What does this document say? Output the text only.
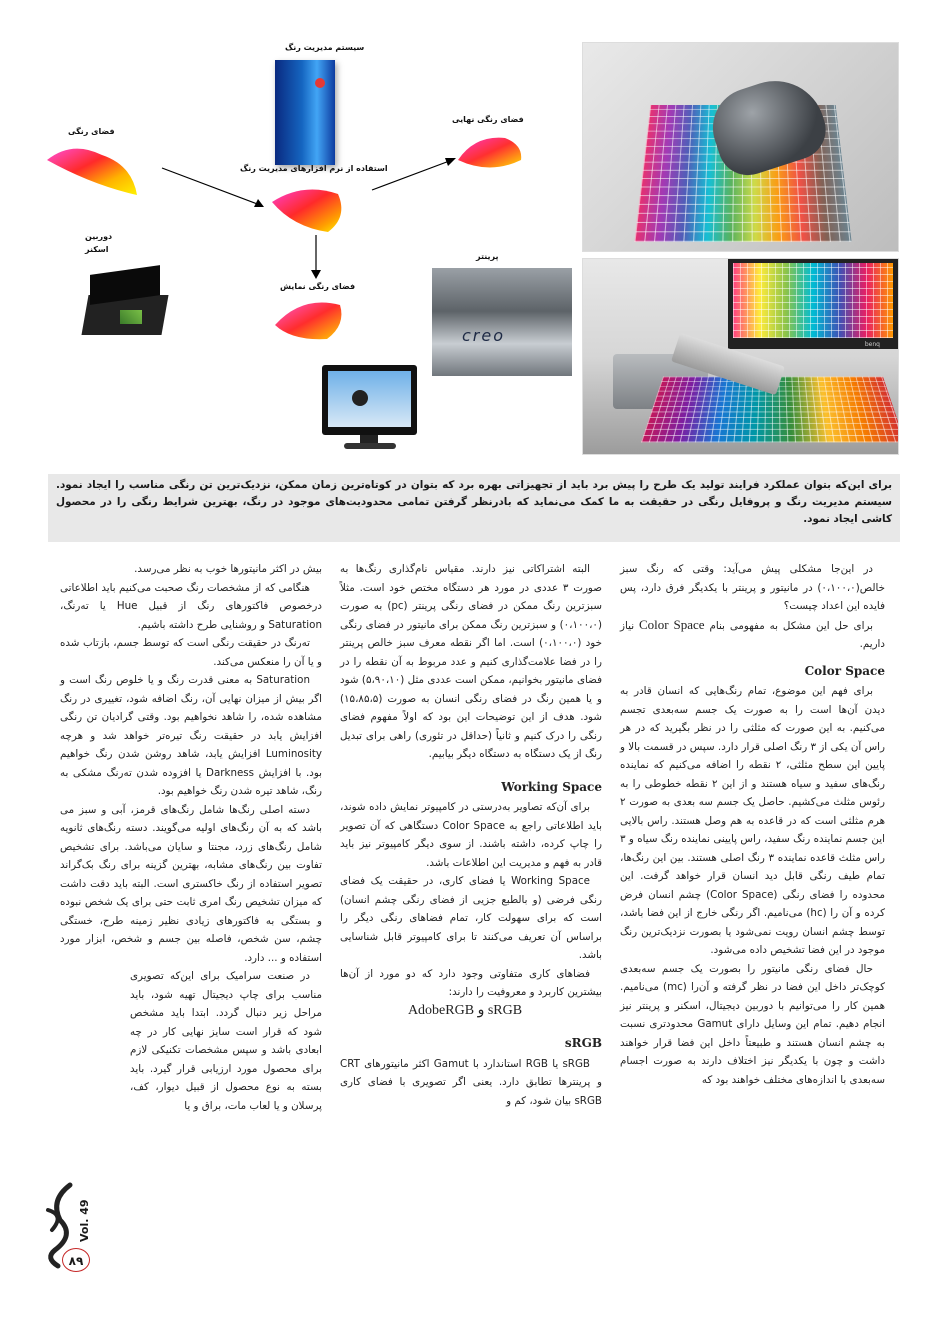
سیستم مدیریت رنگ
فضای رنگی
فضای رنگی نهایی
استفاده از نرم افزارهای مدیریت رنگ
دوربین
اسکنر
پرینتر
فضای رنگی نمایش
creo	benq
برای این‌که بتوان عملکرد فرایند تولید یک طرح را پیش برد باید از تجهیزاتی بهره برد که بتوان در کوتاه‌ترین زمان ممکن، نزدیک‌ترین تن رنگی مناسب را ایجاد نمود. سیستم مدیریت رنگ و پروفایل رنگی در حقیقت به ما کمک می‌نماید که بادرنظر گرفتن تمامی محدودیت‌های موجود در رنگ، بهترین شرایط رنگی را در محصول کاشی ایجاد نمود.

در این‌جا مشکلی پیش می‌آید: وقتی که رنگ سبز خالص(۰،۱۰۰،۰) در مانیتور و پرینتر با یکدیگر فرق دارد، پس فایده این اعداد چیست؟

برای حل این مشکل به مفهومی بنام Color Space نیاز داریم.

Color Space

برای فهم این موضوع، تمام رنگ‌هایی که انسان قادر به دیدن آن‌ها است را به صورت یک جسم سه‌بعدی تجسم می‌کنیم. به این صورت که مثلثی را در نظر بگیرید که در هر راس آن یکی از ۳ رنگ اصلی قرار دارد. سپس در قسمت بالا و پایین این سطح مثلثی، ۲ نقطه را اضافه می‌کنیم که نماینده رنگ‌های سفید و سیاه هستند و از این ۲ نقطه خطوطی را به رئوس مثلث می‌کشیم. حاصل یک جسم سه بعدی به صورت ۲ هرم مثلثی است که در قاعده به هم وصل هستند. راس بالایی این جسم نماینده رنگ سفید، راس پایینی نماینده رنگ سیاه و ۳ راس مثلث قاعده نماینده ۳ رنگ اصلی هستند. بین این رنگ‌ها، تمام طیف رنگی قابل دید انسان قرار خواهد گرفت. این محدوده را فضای رنگی (Color Space) چشم انسان فرض کرده و آن را (hc) می‌نامیم. اگر رنگی خارج از این فضا باشد، توسط چشم انسان رویت نمی‌شود یا بصورت نزدیک‌ترین رنگ موجود در این فضا تشخیص داده می‌شود.

حال فضای رنگی مانیتور را بصورت یک جسم سه‌بعدی کوچک‌تر داخل این فضا در نظر گرفته و آن‌را (mc) می‌نامیم. همین کار را می‌توانیم با دوربین دیجیتال، اسکنر و پرینتر نیز انجام دهیم. تمام این وسایل دارای Gamut محدودتری نسبت به چشم انسان هستند و طبیعتاً داخل این فضا قرار خواهند داشت و چون با یکدیگر نیز اختلاف دارند به صورت اجسام سه‌بعدی با اندازه‌های مختلف خواهند بود که

البته اشتراکاتی نیز دارند. مقیاس نام‌گذاری رنگ‌ها به صورت ۳ عددی در مورد هر دستگاه مختص خود است. مثلاً سبزترین رنگ ممکن در فضای رنگی پرینتر (pc) به صورت (۰،۱۰۰،۰) و سبزترین رنگ ممکن برای مانیتور در فضای رنگی خود (۰،۱۰۰،۰) است. اما اگر نقطه معرف سبز خالص پرینتر را در فضا علامت‌گذاری کنیم و عدد مربوط به آن نقطه را در فضای مانیتور بخوانیم، ممکن است عددی مثل (۵،۹۰،۱۰) شود و یا همین رنگ در فضای رنگی انسان به صورت (۱۵،۸۵،۵) شود. هدف از این توضیحات این بود که اولاً مفهوم فضای رنگی را درک کنیم و ثانیاً (حداقل در تئوری) راهی برای تبدیل رنگ از یک دستگاه به دستگاه دیگر بیابیم.

Working Space

برای آن‌که تصاویر به‌درستی در کامپیوتر نمایش داده شوند، باید اطلاعاتی راجع به Color Space دستگاهی که آن تصویر را چاپ کرده، داشته باشند. از سوی دیگر کامپیوتر نیز باید قادر به فهم و مدیریت این اطلاعات باشد.

Working Space یا فضای کاری، در حقیقت یک فضای رنگی فرضی (و بالطبع جزیی از فضای رنگی چشم انسان) است که برای سهولت کار، تمام فضاهای رنگی دیگر را براساس آن تعریف می‌کنند تا برای کامپیوتر قابل شناسایی باشد.

فضاهای کاری متفاوتی وجود دارد که دو مورد از آن‌ها بیشترین کاربرد و معروفیت را دارند:

sRGB و AdobeRGB

sRGB

sRGB یا RGB استاندارد با Gamut اکثر مانیتورهای CRT و پرینترها تطابق دارد. یعنی اگر تصویری با فضای کاری sRGB بیان شود، کم و

بیش در اکثر مانیتورها خوب به نظر می‌رسد.

هنگامی که از مشخصات رنگ صحبت می‌کنیم باید اطلاعاتی درخصوص فاکتورهای رنگ از قبیل Hue یا ته‌رنگ، Saturation و روشنایی طرح داشته باشیم.

ته‌رنگ در حقیقت رنگی است که توسط جسم، بازتاب شده و یا آن را منعکس می‌کند.

Saturation به معنی قدرت رنگ و یا خلوص رنگ است و اگر بیش از میزان نهایی آن، رنگ اضافه شود، تغییری در رنگ مشاهده شده، را شاهد نخواهیم بود. وقتی گرادیان تن رنگی افزایش یابد در حقیقت رنگ تیره‌تر خواهد شد و هرچه Luminosity افزایش یابد، شاهد روشن شدن رنگ خواهیم بود. با افزایش Darkness یا افزوده شدن ته‌رنگ مشکی به رنگ، شاهد تیره شدن رنگ خواهیم بود.

دسته اصلی رنگ‌ها شامل رنگ‌های قرمز، آبی و سبز می باشد که به آن رنگ‌های اولیه می‌گویند. دسته رنگ‌های ثانویه شامل رنگ‌های زرد، مجنتا و سایان می‌باشد. برای تشخیص تفاوت بین رنگ‌های مشابه، بهترین گزینه برای رنگ بک‌گراند تصویر استفاده از رنگ خاکستری است. البته باید دقت داشت که میزان تشخیص رنگ امری ثابت حتی برای یک شخص نبوده و بستگی به فاکتورهای زیادی نظیر زمینه طرح، خستگی چشم، سن شخص، فاصله بین جسم و شخص، ابزار مورد استفاده و ... دارد.

در صنعت سرامیک برای این‌که تصویری مناسب برای چاپ دیجیتال تهیه شود، باید مراحل زیر دنبال گردد. ابتدا باید مشخص شود که قرار است سایز نهایی کار در چه ابعادی باشد و سپس مشخصات تکنیکی لازم برای محصول مورد ارزیابی قرار گیرد. باید بسته به نوع محصول از قبیل دیوار، کف، پرسلان و یا لعاب مات، براق و یا

Vol. 49
۸۹
